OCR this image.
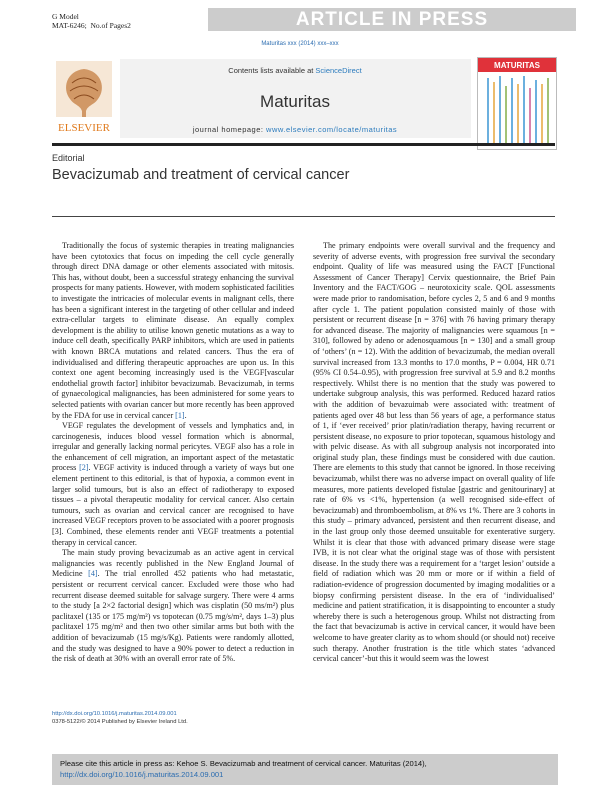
G Model
MAT-6246; No.of Pages2	ARTICLE IN PRESS
Maturitas xxx (2014) xxx–xxx
ELSEVIER
Contents lists available at ScienceDirect
Maturitas
journal homepage: www.elsevier.com/locate/maturitas
MATURITAS
Editorial
Bevacizumab and treatment of cervical cancer

Traditionally the focus of systemic therapies in treating malignancies have been cytotoxics that focus on impeding the cell cycle generally through direct DNA damage or other elements associated with mitosis. This has, without doubt, been a successful strategy enhancing the survival prospects for many patients. However, with modern sophisticated facilities to investigate the intricacies of molecular events in malignant cells, there has been a significant interest in the targeting of other cellular and indeed extra-cellular targets to eliminate disease. An equally complex development is the ability to utilise known genetic mutations as a way to induce cell death, specifically PARP inhibitors, which are used in patients with known BRCA mutations and related cancers. Thus the era of individualised and differing therapeutic approaches are upon us. In this context one agent becoming increasingly used is the VEGF[vascular endothelial growth factor] inhibitor bevacizumab. Bevacizumab, in terms of gynaecological malignancies, has been administered for some years to selected patients with ovarian cancer but more recently has been approved by the FDA for use in cervical cancer [1].

VEGF regulates the development of vessels and lymphatics and, in carcinogenesis, induces blood vessel formation which is abnormal, irregular and generally lacking normal pericytes. VEGF also has a role in the enhancement of cell migration, an important aspect of the metastatic process [2]. VEGF activity is induced through a variety of ways but one element pertinent to this editorial, is that of hypoxia, a common event in larger solid tumours, but is also an effect of radiotherapy to exposed tissues – a pivotal therapeutic modality for cervical cancer. Also certain tumours, such as ovarian and cervical cancer are recognised to have increased VEGF receptors proven to be associated with a poorer prognosis [3]. Combined, these elements render anti VEGF treatments a potential therapy in cervical cancer.

The main study proving bevacizumab as an active agent in cervical malignancies was recently published in the New England Journal of Medicine [4]. The trial enrolled 452 patients who had metastatic, persistent or recurrent cervical cancer. Excluded were those who had recurrent disease deemed suitable for salvage surgery. There were 4 arms to the study [a 2×2 factorial design] which was cisplatin (50 ms/m²) plus paclitaxel (135 or 175 mg/m²) vs topotecan (0.75 mg/s/m², days 1–3) plus paclitaxel 175 mg/m² and then two other similar arms but both with the addition of bevacizumab (15 mg/s/Kg). Patients were randomly allotted, and the study was designed to have a 90% power to detect a reduction in the risk of death at 30% with an overall error rate of 5%.

The primary endpoints were overall survival and the frequency and severity of adverse events, with progression free survival the secondary endpoint. Quality of life was measured using the FACT [Functional Assessment of Cancer Therapy] Cervix questionnaire, the Brief Pain Inventory and the FACT/GOG – neurotoxicity scale. QOL assessments were made prior to randomisation, before cycles 2, 5 and 6 and 9 months after cycle 1. The patient population consisted mainly of those with persistent or recurrent disease [n = 376] with 76 having primary therapy for advanced disease. The majority of malignancies were squamous [n = 310], followed by adeno or adenosquamous [n = 130] and a small group of ‘others’ (n = 12). With the addition of bevacizumab, the median overall survival increased from 13.3 months to 17.0 months, P = 0.004, HR 0.71 (95% CI 0.54–0.95), with progression free survival at 5.9 and 8.2 months respectively. Whilst there is no mention that the study was powered to undertake subgroup analysis, this was performed. Reduced hazard ratios with the addition of bevazuimab were associated with: treatment of patients aged over 48 but less than 56 years of age, a performance status of 1, if ‘ever received’ prior platin/radiation therapy, having recurrent or persistent disease, no exposure to prior topotecan, squamous histology and with pelvic disease. As with all subgroup analysis not incorporated into original study plan, these findings must be considered with due caution. There are elements to this study that cannot be ignored. In those receiving bevacizumab, whilst there was no adverse impact on overall quality of life measures, more patients developed fistulae [gastric and genitourinary] at rate of 6% vs <1%, hypertension (a well recognised side-effect of bevacizumab) and thromboembolism, at 8% vs 1%. There are 3 cohorts in this study – primary advanced, persistent and then recurrent disease, and in the last group only those deemed unsuitable for exenterative surgery. Whilst it is clear that those with advanced primary disease were stage IVB, it is not clear what the original stage was of those with persistent disease. In the study there was a requirement for a ‘target lesion’ outside a field of radiation which was 20 mm or more or if within a field of radiation-evidence of progression documented by imaging modalities or a biopsy confirming persistent disease. In the era of ‘individualised’ medicine and patient stratification, it is disappointing to encounter a study whereby there is such a heterogenous group. Whilst not distracting from the fact that bevacizumab is active in cervical cancer, it would have been welcome to have greater clarity as to whom should (or should not) receive such therapy. Another frustration is the title which states ‘advanced cervical cancer’-but this it would seem was the lowest

http://dx.doi.org/10.1016/j.maturitas.2014.09.001
0378-5122/© 2014 Published by Elsevier Ireland Ltd.
Please cite this article in press as: Kehoe S. Bevacizumab and treatment of cervical cancer. Maturitas (2014),
http://dx.doi.org/10.1016/j.maturitas.2014.09.001
